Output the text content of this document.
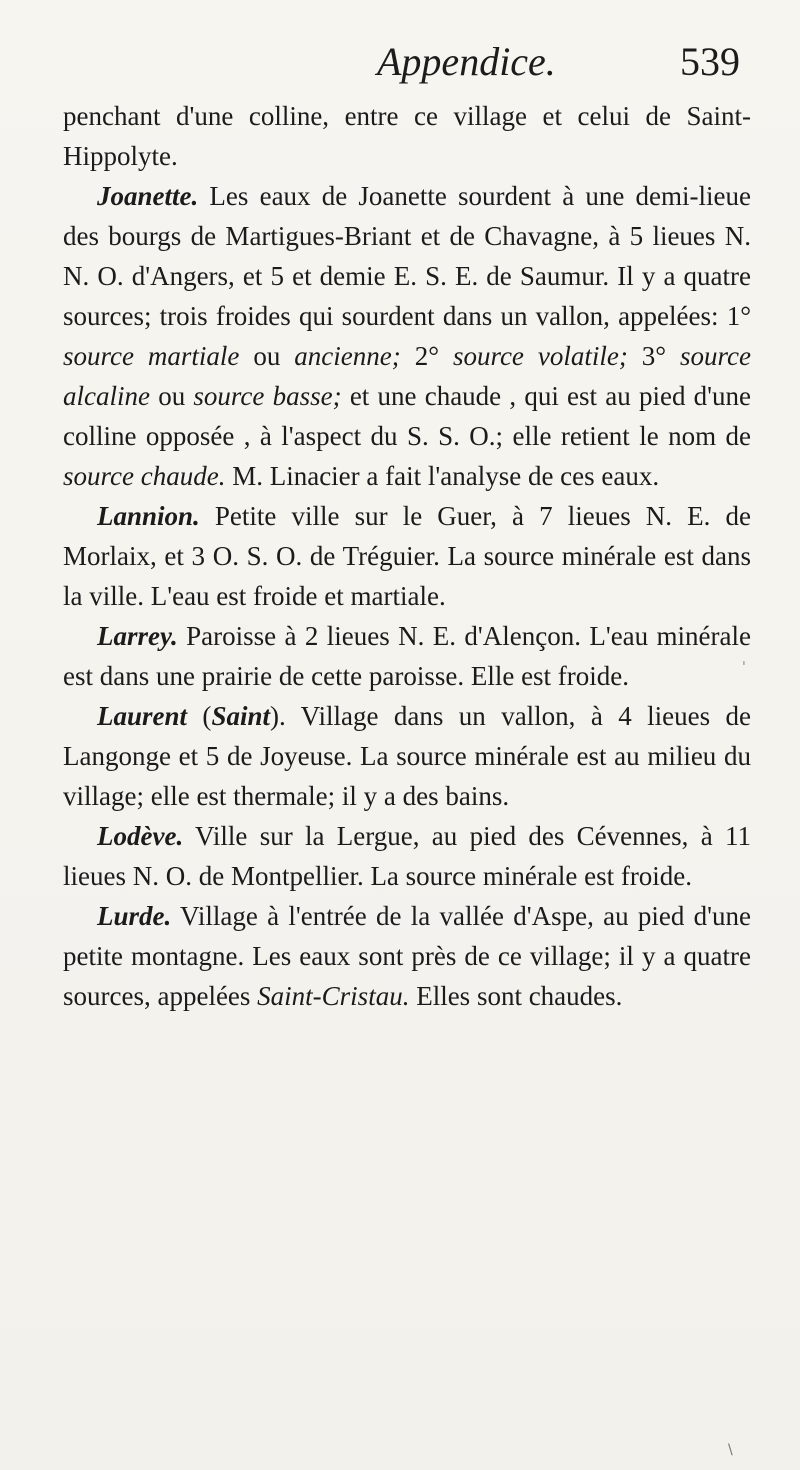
Appendice.	539

penchant d'une colline, entre ce village et celui de Saint-Hippolyte.

Joanette. Les eaux de Joanette sourdent à une demi-lieue des bourgs de Martigues-Briant et de Chavagne, à 5 lieues N. N. O. d'Angers, et 5 et demie E. S. E. de Saumur. Il y a quatre sources; trois froides qui sourdent dans un vallon, appelées: 1° source martiale ou ancienne; 2° source volatile; 3° source alcaline ou source basse; et une chaude , qui est au pied d'une colline opposée , à l'aspect du S. S. O.; elle retient le nom de source chaude. M. Linacier a fait l'analyse de ces eaux.

Lannion. Petite ville sur le Guer, à 7 lieues N. E. de Morlaix, et 3 O. S. O. de Tréguier. La source minérale est dans la ville. L'eau est froide et martiale.

Larrey. Paroisse à 2 lieues N. E. d'Alençon. L'eau minérale est dans une prairie de cette paroisse. Elle est froide.

Laurent (Saint). Village dans un vallon, à 4 lieues de Langonge et 5 de Joyeuse. La source minérale est au milieu du village; elle est thermale; il y a des bains.

Lodève. Ville sur la Lergue, au pied des Cévennes, à 11 lieues N. O. de Montpellier. La source minérale est froide.

Lurde. Village à l'entrée de la vallée d'Aspe, au pied d'une petite montagne. Les eaux sont près de ce village; il y a quatre sources, appelées Saint-Cristau. Elles sont chaudes.

ˈ
\
